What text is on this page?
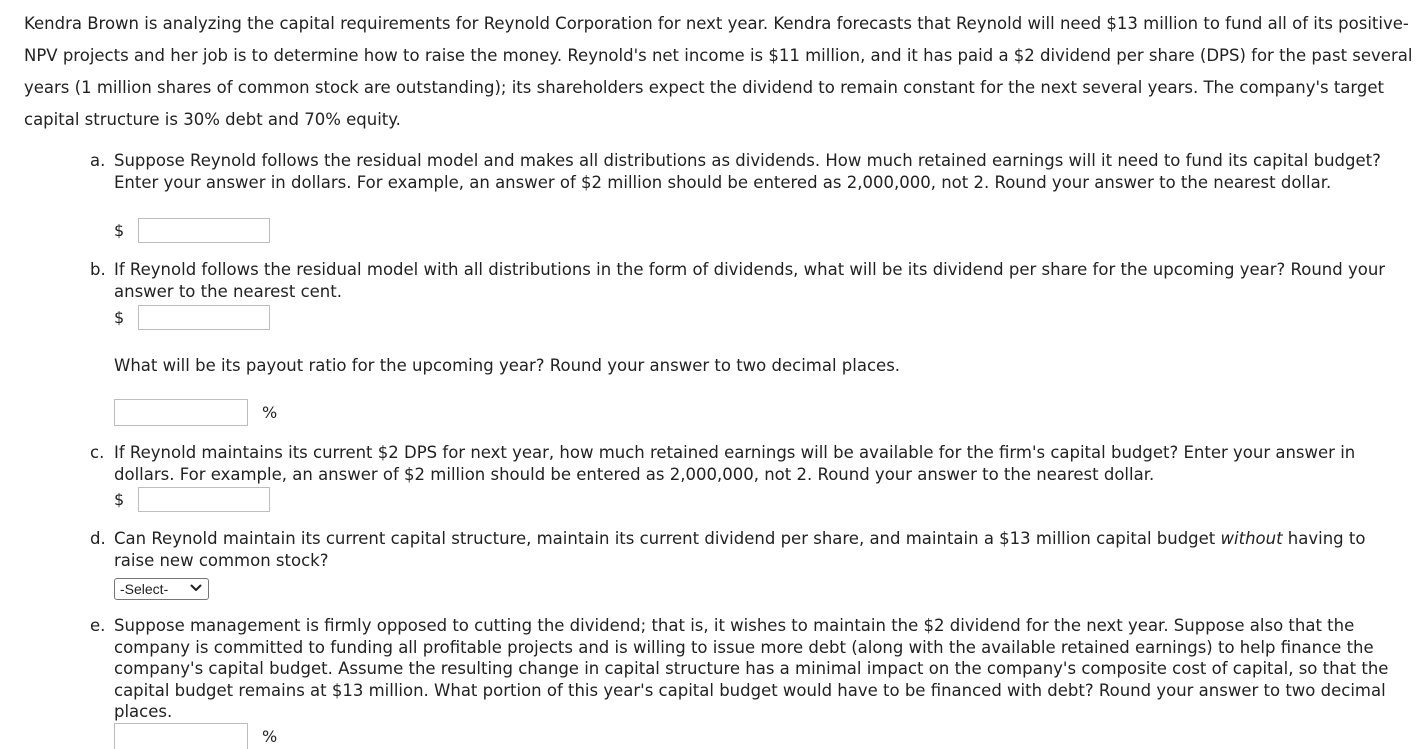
Kendra Brown is analyzing the capital requirements for Reynold Corporation for next year. Kendra forecasts that Reynold will need $13 million to fund all of its positive-NPV projects and her job is to determine how to raise the money. Reynold's net income is $11 million, and it has paid a $2 dividend per share (DPS) for the past several years (1 million shares of common stock are outstanding); its shareholders expect the dividend to remain constant for the next several years. The company's target capital structure is 30% debt and 70% equity.

a. Suppose Reynold follows the residual model and makes all distributions as dividends. How much retained earnings will it need to fund its capital budget? Enter your answer in dollars. For example, an answer of $2 million should be entered as 2,000,000, not 2. Round your answer to the nearest dollar.
$
b. If Reynold follows the residual model with all distributions in the form of dividends, what will be its dividend per share for the upcoming year? Round your answer to the nearest cent.
$
What will be its payout ratio for the upcoming year? Round your answer to two decimal places.
%
c. If Reynold maintains its current $2 DPS for next year, how much retained earnings will be available for the firm's capital budget? Enter your answer in dollars. For example, an answer of $2 million should be entered as 2,000,000, not 2. Round your answer to the nearest dollar.
$
d. Can Reynold maintain its current capital structure, maintain its current dividend per share, and maintain a $13 million capital budget without having to raise new common stock?
-Select-
e. Suppose management is firmly opposed to cutting the dividend; that is, it wishes to maintain the $2 dividend for the next year. Suppose also that the company is committed to funding all profitable projects and is willing to issue more debt (along with the available retained earnings) to help finance the company's capital budget. Assume the resulting change in capital structure has a minimal impact on the company's composite cost of capital, so that the capital budget remains at $13 million. What portion of this year's capital budget would have to be financed with debt? Round your answer to two decimal places.
%
